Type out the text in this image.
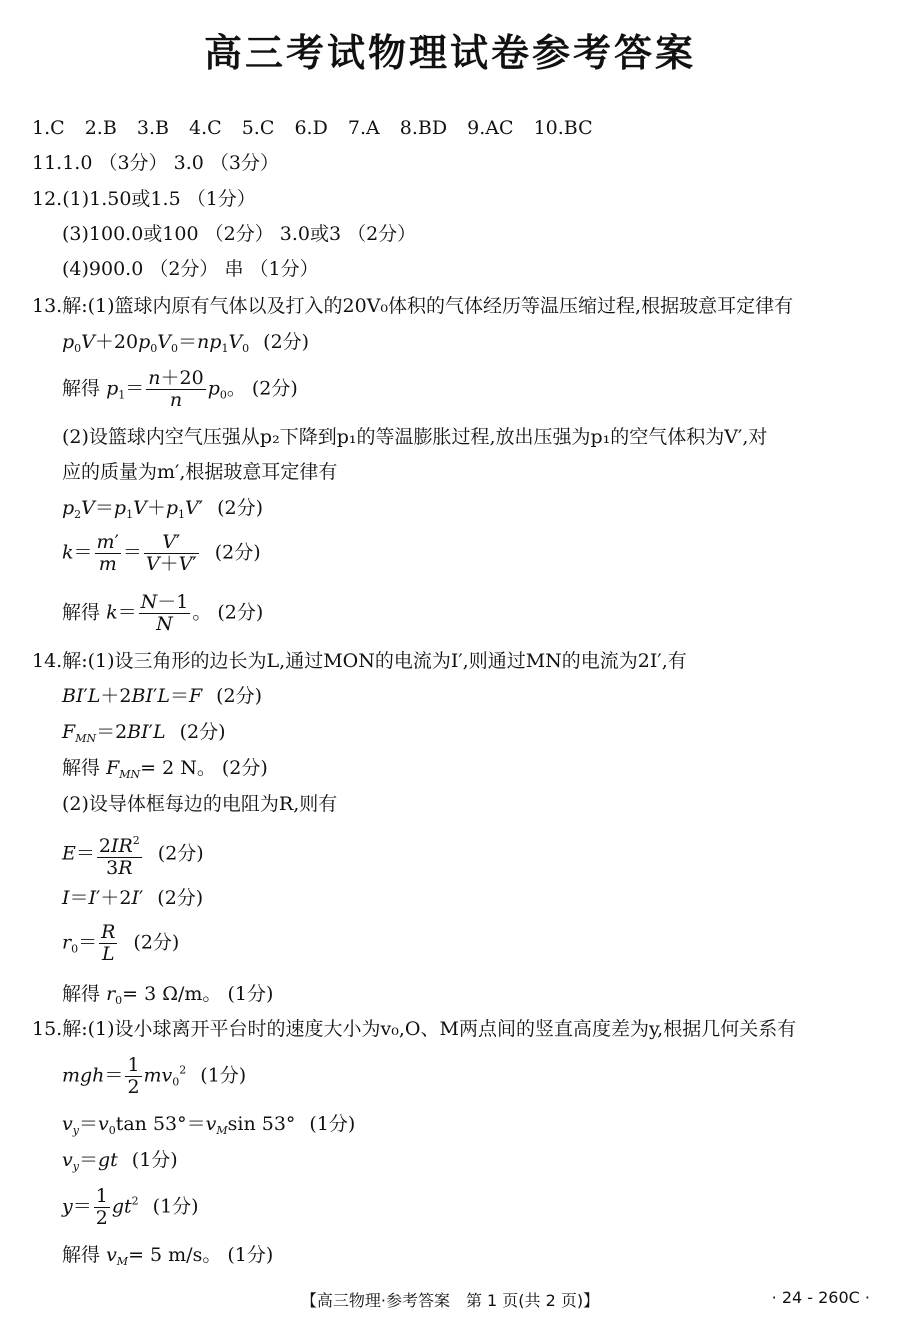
高三考试物理试卷参考答案
1.C 2.B 3.B 4.C 5.C 6.D 7.A 8.BD 9.AC 10.BC
11.1.0 （3分） 3.0 （3分）
12.(1)1.50或1.5 （1分）
(3)100.0或100 （2分） 3.0或3 （2分）
(4)900.0 （2分） 串 （1分）
13.解:(1)篮球内原有气体以及打入的20V₀体积的气体经历等温压缩过程,根据玻意耳定律有
$p_0V+20p_0V_0=np_1V_0$ (2分)
解得 $p_1= \frac{n+20}{n} p_0$。 (2分)
(2)设篮球内空气压强从p₂下降到p₁的等温膨胀过程,放出压强为p₁的空气体积为V′,对
应的质量为m′,根据玻意耳定律有
$p_2V=p_1V+p_1V'$ (2分)
$k= \frac{m'}{m} = \frac{V'}{V+V'} (2$分)
解得 $k= \frac{N-1}{N}$ 。 (2分)
14.解:(1)设三角形的边长为L,通过MON的电流为I′,则通过MN的电流为2I′,有
BI′L＋2BI′L＝F (2分)
$F_{MN}=2BI'L$ (2分)
解得 $F_{MN}= 2$ N。 (2分)
(2)设导体框每边的电阻为R,则有
$E= \frac{2IR^2}{3R} (2$分)
I＝I′＋2I′ (2分)
$r_0= \frac{R}{L} (2$分)
解得 $r_0= 3$ Ω/m。 (1分)
15.解:(1)设小球离开平台时的速度大小为v₀,O、M两点间的竖直高度差为y,根据几何关系有
$mgh= \frac{1}{2} mv_0^2$ (1分)
$v_y=v_0\tan$ $53^\circ=v_M\sin$ 53° (1分)
$v_y=gt$ (1分)
$y= \frac{1}{2} gt^2$ (1分)
解得 $v_M= 5$ m/s。 (1分)
【高三物理·参考答案　第 1 页(共 2 页)】	· 24 - 260C ·
